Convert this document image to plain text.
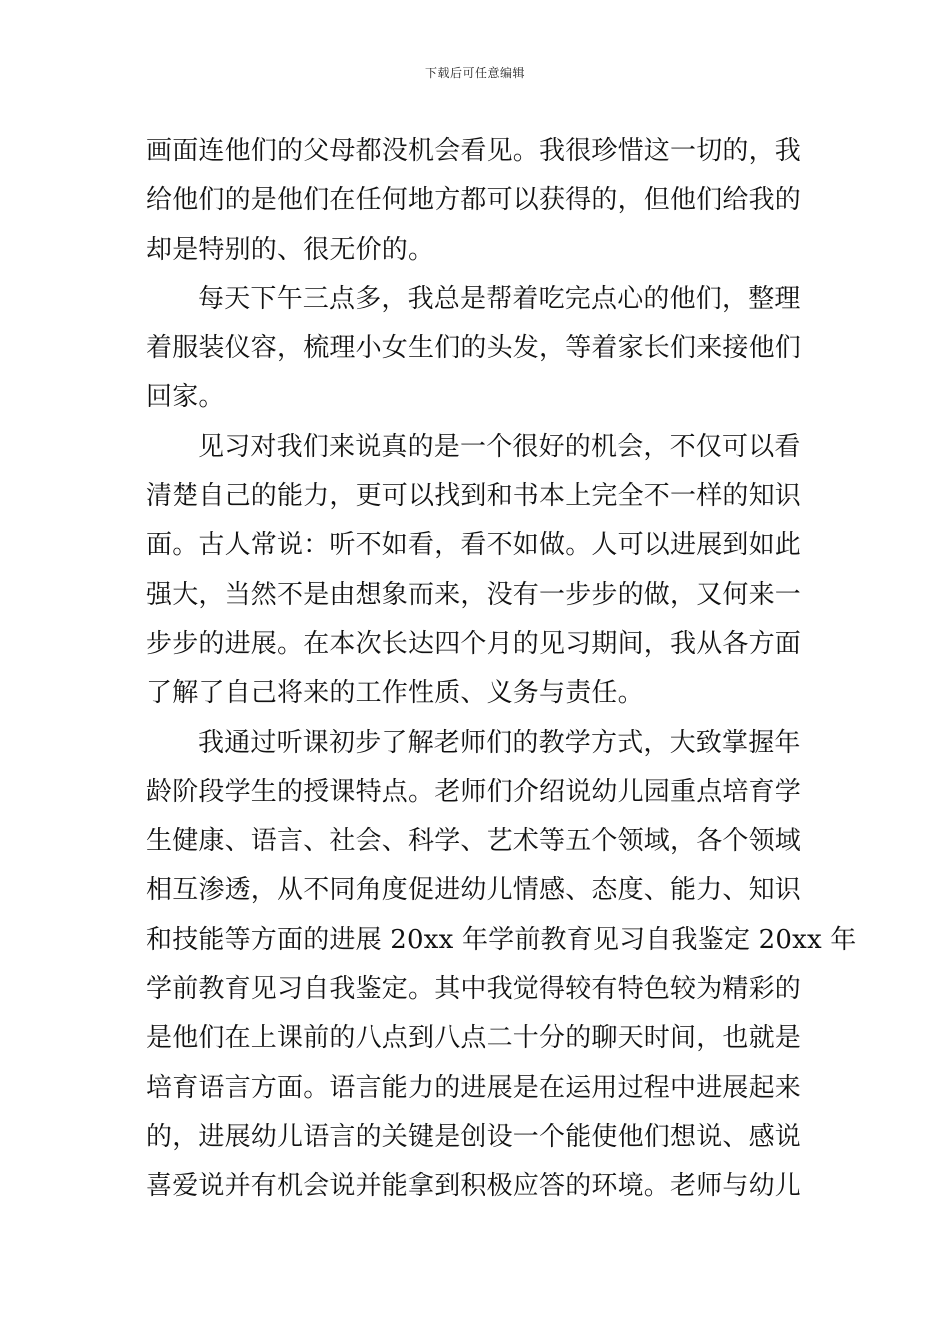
下载后可任意编辑
画面连他们的父母都没机会看见。我很珍惜这一切的，我
给他们的是他们在任何地方都可以获得的，但他们给我的
却是特别的、很无价的。
每天下午三点多，我总是帮着吃完点心的他们，整理
着服装仪容，梳理小女生们的头发，等着家长们来接他们
回家。
见习对我们来说真的是一个很好的机会，不仅可以看
清楚自己的能力，更可以找到和书本上完全不一样的知识
面。古人常说：听不如看，看不如做。人可以进展到如此
强大，当然不是由想象而来，没有一步步的做，又何来一
步步的进展。在本次长达四个月的见习期间，我从各方面
了解了自己将来的工作性质、义务与责任。
我通过听课初步了解老师们的教学方式，大致掌握年
龄阶段学生的授课特点。老师们介绍说幼儿园重点培育学
生健康、语言、社会、科学、艺术等五个领域，各个领域
相互渗透，从不同角度促进幼儿情感、态度、能力、知识
和技能等方面的进展 20xx 年学前教育见习自我鉴定 20xx 年
学前教育见习自我鉴定。其中我觉得较有特色较为精彩的
是他们在上课前的八点到八点二十分的聊天时间，也就是
培育语言方面。语言能力的进展是在运用过程中进展起来
的，进展幼儿语言的关键是创设一个能使他们想说、感说
喜爱说并有机会说并能拿到积极应答的环境。老师与幼儿
